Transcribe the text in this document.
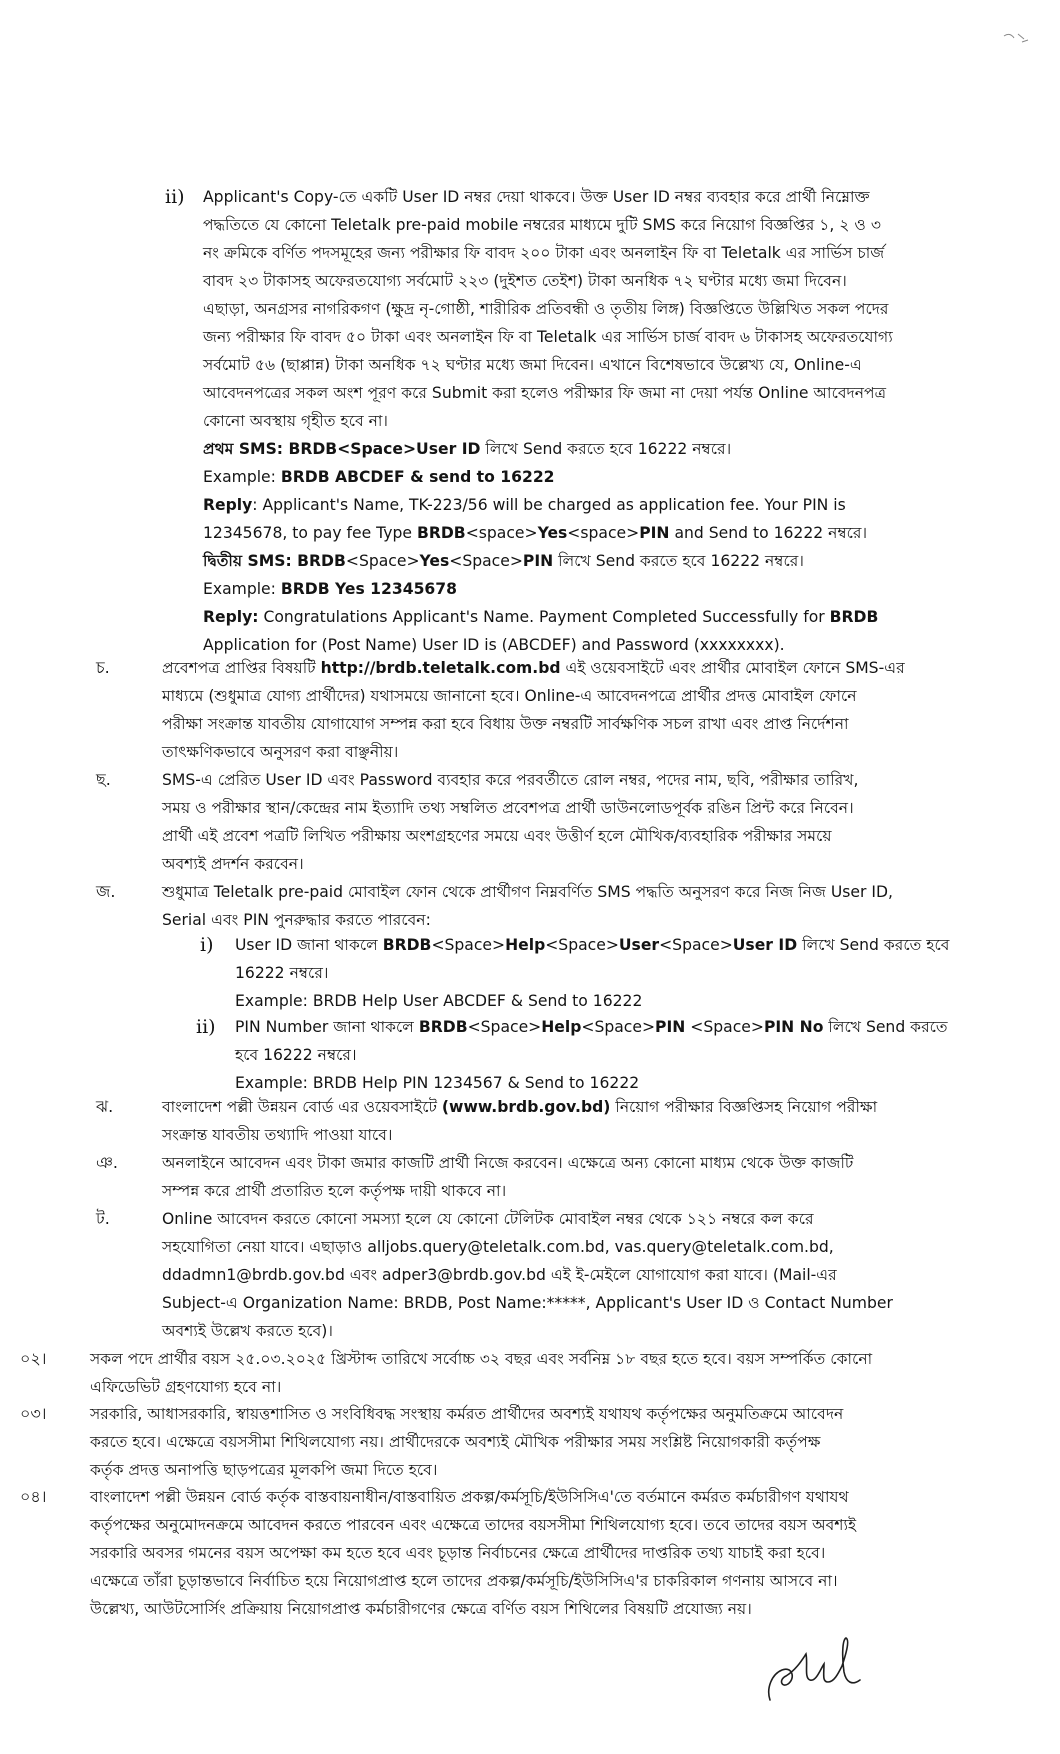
ii) Applicant's Copy-তে একটি User ID নম্বর দেয়া থাকবে। উক্ত User ID নম্বর ব্যবহার করে প্রার্থী নিম্নোক্ত
পদ্ধতিতে যে কোনো Teletalk pre-paid mobile নম্বরের মাধ্যমে দুটি SMS করে নিয়োগ বিজ্ঞপ্তির ১, ২ ও ৩
নং ক্রমিকে বর্ণিত পদসমূহের জন্য পরীক্ষার ফি বাবদ ২০০ টাকা এবং অনলাইন ফি বা Teletalk এর সার্ভিস চার্জ
বাবদ ২৩ টাকাসহ অফেরতযোগ্য সর্বমোট ২২৩ (দুইশত তেইশ) টাকা অনধিক ৭২ ঘণ্টার মধ্যে জমা দিবেন।
এছাড়া, অনগ্রসর নাগরিকগণ (ক্ষুদ্র নৃ-গোষ্ঠী, শারীরিক প্রতিবন্ধী ও তৃতীয় লিঙ্গ) বিজ্ঞপ্তিতে উল্লিখিত সকল পদের
জন্য পরীক্ষার ফি বাবদ ৫০ টাকা এবং অনলাইন ফি বা Teletalk এর সার্ভিস চার্জ বাবদ ৬ টাকাসহ অফেরতযোগ্য
সর্বমোট ৫৬ (ছাপ্পান্ন) টাকা অনধিক ৭২ ঘণ্টার মধ্যে জমা দিবেন। এখানে বিশেষভাবে উল্লেখ্য যে, Online-এ
আবেদনপত্রের সকল অংশ পূরণ করে Submit করা হলেও পরীক্ষার ফি জমা না দেয়া পর্যন্ত Online আবেদনপত্র
কোনো অবস্থায় গৃহীত হবে না।
প্রথম SMS: BRDB<Space>User ID লিখে Send করতে হবে 16222 নম্বরে।
Example: BRDB ABCDEF & send to 16222
Reply: Applicant's Name, TK-223/56 will be charged as application fee. Your PIN is
12345678, to pay fee Type BRDB<space>Yes<space>PIN and Send to 16222 নম্বরে।
দ্বিতীয় SMS: BRDB<Space>Yes<Space>PIN লিখে Send করতে হবে 16222 নম্বরে।
Example: BRDB Yes 12345678
Reply: Congratulations Applicant's Name. Payment Completed Successfully for BRDB
Application for (Post Name) User ID is (ABCDEF) and Password (xxxxxxxx).
চ.	প্রবেশপত্র প্রাপ্তির বিষয়টি http://brdb.teletalk.com.bd এই ওয়েবসাইটে এবং প্রার্থীর মোবাইল ফোনে SMS-এর
মাধ্যমে (শুধুমাত্র যোগ্য প্রার্থীদের) যথাসময়ে জানানো হবে। Online-এ আবেদনপত্রে প্রার্থীর প্রদত্ত মোবাইল ফোনে
পরীক্ষা সংক্রান্ত যাবতীয় যোগাযোগ সম্পন্ন করা হবে বিধায় উক্ত নম্বরটি সার্বক্ষণিক সচল রাখা এবং প্রাপ্ত নির্দেশনা
তাৎক্ষণিকভাবে অনুসরণ করা বাঞ্ছনীয়।
ছ.	SMS-এ প্রেরিত User ID এবং Password ব্যবহার করে পরবর্তীতে রোল নম্বর, পদের নাম, ছবি, পরীক্ষার তারিখ,
সময় ও পরীক্ষার স্থান/কেন্দ্রের নাম ইত্যাদি তথ্য সম্বলিত প্রবেশপত্র প্রার্থী ডাউনলোডপূর্বক রঙিন প্রিন্ট করে নিবেন।
প্রার্থী এই প্রবেশ পত্রটি লিখিত পরীক্ষায় অংশগ্রহণের সময়ে এবং উত্তীর্ণ হলে মৌখিক/ব্যবহারিক পরীক্ষার সময়ে
অবশ্যই প্রদর্শন করবেন।
জ.	শুধুমাত্র Teletalk pre-paid মোবাইল ফোন থেকে প্রার্থীগণ নিম্নবর্ণিত SMS পদ্ধতি অনুসরণ করে নিজ নিজ User ID,
Serial এবং PIN পুনরুদ্ধার করতে পারবেন:
i) User ID জানা থাকলে BRDB<Space>Help<Space>User<Space>User ID লিখে Send করতে হবে
16222 নম্বরে।
Example: BRDB Help User ABCDEF & Send to 16222
ii) PIN Number জানা থাকলে BRDB<Space>Help<Space>PIN <Space>PIN No লিখে Send করতে
হবে 16222 নম্বরে।
Example: BRDB Help PIN 1234567 & Send to 16222
ঝ.	বাংলাদেশ পল্লী উন্নয়ন বোর্ড এর ওয়েবসাইটে (www.brdb.gov.bd) নিয়োগ পরীক্ষার বিজ্ঞপ্তিসহ নিয়োগ পরীক্ষা
সংক্রান্ত যাবতীয় তথ্যাদি পাওয়া যাবে।
ঞ.	অনলাইনে আবেদন এবং টাকা জমার কাজটি প্রার্থী নিজে করবেন। এক্ষেত্রে অন্য কোনো মাধ্যম থেকে উক্ত কাজটি
সম্পন্ন করে প্রার্থী প্রতারিত হলে কর্তৃপক্ষ দায়ী থাকবে না।
ট.	Online আবেদন করতে কোনো সমস্যা হলে যে কোনো টেলিটক মোবাইল নম্বর থেকে ১২১ নম্বরে কল করে
সহযোগিতা নেয়া যাবে। এছাড়াও alljobs.query@teletalk.com.bd, vas.query@teletalk.com.bd,
ddadmn1@brdb.gov.bd এবং adper3@brdb.gov.bd এই ই-মেইলে যোগাযোগ করা যাবে। (Mail-এর
Subject-এ Organization Name: BRDB, Post Name:*****, Applicant's User ID ও Contact Number
অবশ্যই উল্লেখ করতে হবে)।
০২।	সকল পদে প্রার্থীর বয়স ২৫.০৩.২০২৫ খ্রিস্টাব্দ তারিখে সর্বোচ্চ ৩২ বছর এবং সর্বনিম্ন ১৮ বছর হতে হবে। বয়স সম্পর্কিত কোনো
এফিডেভিট গ্রহণযোগ্য হবে না।
০৩।	সরকারি, আধাসরকারি, স্বায়ত্তশাসিত ও সংবিধিবদ্ধ সংস্থায় কর্মরত প্রার্থীদের অবশ্যই যথাযথ কর্তৃপক্ষের অনুমতিক্রমে আবেদন
করতে হবে। এক্ষেত্রে বয়সসীমা শিথিলযোগ্য নয়। প্রার্থীদেরকে অবশ্যই মৌখিক পরীক্ষার সময় সংশ্লিষ্ট নিয়োগকারী কর্তৃপক্ষ
কর্তৃক প্রদত্ত অনাপত্তি ছাড়পত্রের মূলকপি জমা দিতে হবে।
০৪।	বাংলাদেশ পল্লী উন্নয়ন বোর্ড কর্তৃক বাস্তবায়নাধীন/বাস্তবায়িত প্রকল্প/কর্মসূচি/ইউসিসিএ'তে বর্তমানে কর্মরত কর্মচারীগণ যথাযথ
কর্তৃপক্ষের অনুমোদনক্রমে আবেদন করতে পারবেন এবং এক্ষেত্রে তাদের বয়সসীমা শিথিলযোগ্য হবে। তবে তাদের বয়স অবশ্যই
সরকারি অবসর গমনের বয়স অপেক্ষা কম হতে হবে এবং চূড়ান্ত নির্বাচনের ক্ষেত্রে প্রার্থীদের দাপ্তরিক তথ্য যাচাই করা হবে।
এক্ষেত্রে তাঁরা চূড়ান্তভাবে নির্বাচিত হয়ে নিয়োগপ্রাপ্ত হলে তাদের প্রকল্প/কর্মসূচি/ইউসিসিএ'র চাকরিকাল গণনায় আসবে না।
উল্লেখ্য, আউটসোর্সিং প্রক্রিয়ায় নিয়োগপ্রাপ্ত কর্মচারীগণের ক্ষেত্রে বর্ণিত বয়স শিথিলের বিষয়টি প্রযোজ্য নয়।
